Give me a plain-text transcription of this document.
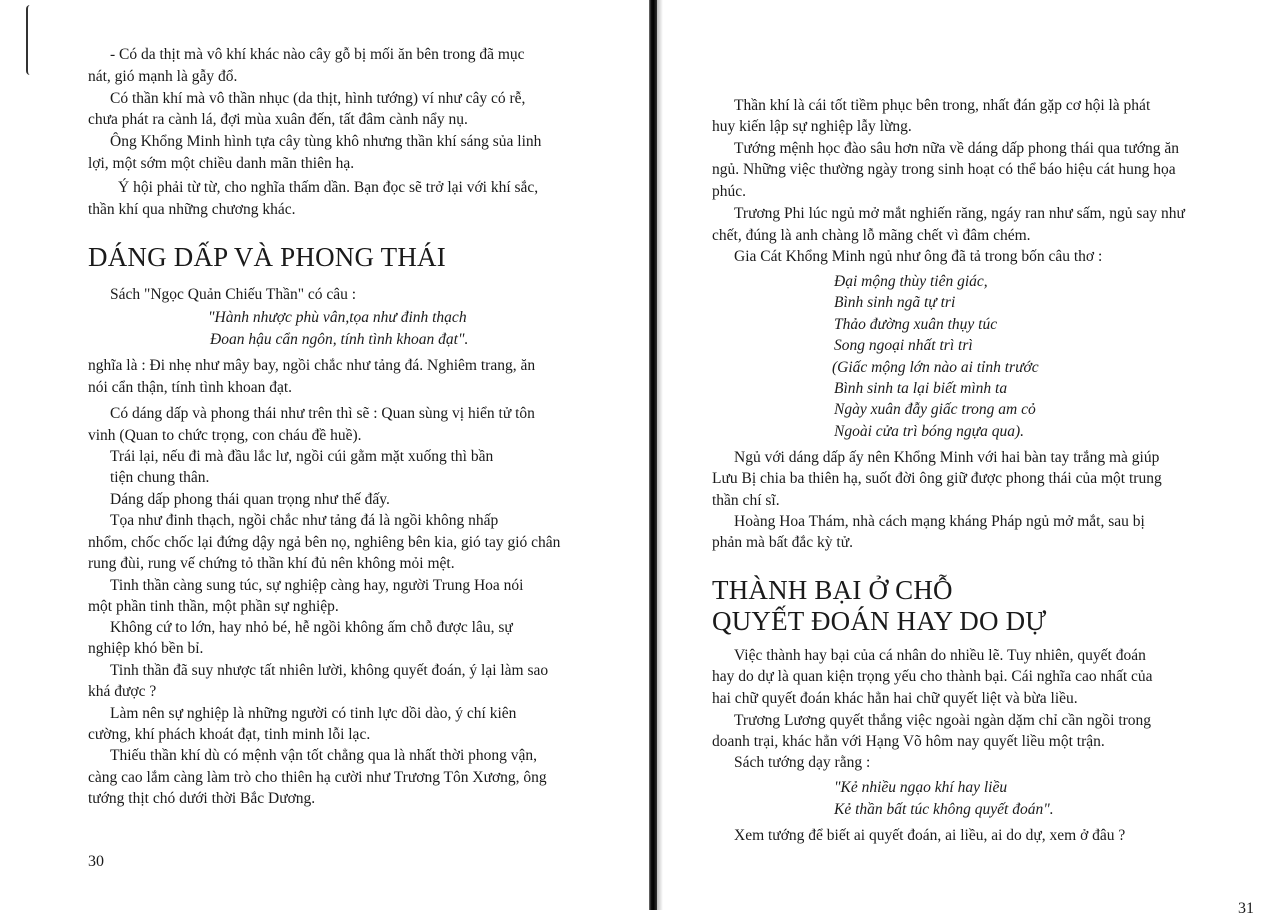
- Có da thịt mà vô khí khác nào cây gỗ bị mối ăn bên trong đã mục
nát, gió mạnh là gẫy đổ.
Có thần khí mà vô thần nhục (da thịt, hình tướng) ví như cây có rễ,
chưa phát ra cành lá, đợi mùa xuân đến, tất đâm cành nẩy nụ.
Ông Khổng Minh hình tựa cây tùng khô nhưng thần khí sáng sủa linh
lợi, một sớm một chiều danh mãn thiên hạ.
Ý hội phải từ từ, cho nghĩa thấm dần. Bạn đọc sẽ trở lại với khí sắc,
thần khí qua những chương khác.
DÁNG DẤP VÀ PHONG THÁI
Sách "Ngọc Quản Chiếu Thần" có câu :
"Hành nhược phù vân,tọa như đinh thạch
Đoan hậu cẩn ngôn, tính tình khoan đạt".
nghĩa là : Đi nhẹ như mây bay, ngồi chắc như tảng đá. Nghiêm trang, ăn
nói cẩn thận, tính tình khoan đạt.
Có dáng dấp và phong thái như trên thì sẽ : Quan sùng vị hiển tử tôn
vinh (Quan to chức trọng, con cháu đề huề).
Trái lại, nếu đi mà đầu lắc lư, ngồi cúi gằm mặt xuống thì bần
tiện chung thân.
Dáng dấp phong thái quan trọng như thế đấy.
Tọa như đinh thạch, ngồi chắc như tảng đá là ngồi không nhấp
nhổm, chốc chốc lại đứng dậy ngả bên nọ, nghiêng bên kia, gió tay gió chân
rung đùi, rung vế chứng tỏ thần khí đủ nên không mỏi mệt.
Tinh thần càng sung túc, sự nghiệp càng hay, người Trung Hoa nói
một phần tinh thần, một phần sự nghiệp.
Không cứ to lớn, hay nhỏ bé, hễ ngồi không ấm chỗ được lâu, sự
nghiệp khó bền bỉ.
Tinh thần đã suy nhược tất nhiên lười, không quyết đoán, ý lại làm sao
khá được ?
Làm nên sự nghiệp là những người có tinh lực dồi dào, ý chí kiên
cường, khí phách khoát đạt, tinh minh lỗi lạc.
Thiếu thần khí dù có mệnh vận tốt chẳng qua là nhất thời phong vận,
càng cao lắm càng làm trò cho thiên hạ cười như Trương Tôn Xương, ông
tướng thịt chó dưới thời Bắc Dương.
30
Thần khí là cái tốt tiềm phục bên trong, nhất đán gặp cơ hội là phát
huy kiến lập sự nghiệp lẫy lừng.
Tướng mệnh học đào sâu hơn nữa về dáng dấp phong thái qua tướng ăn
ngủ. Những việc thường ngày trong sinh hoạt có thể báo hiệu cát hung họa
phúc.
Trương Phi lúc ngủ mở mắt nghiến răng, ngáy ran như sấm, ngủ say như
chết, đúng là anh chàng lỗ mãng chết vì đâm chém.
Gia Cát Khổng Minh ngủ như ông đã tả trong bốn câu thơ :
Đại mộng thùy tiên giác,
Bình sinh ngã tự tri
Thảo đường xuân thụy túc
Song ngoại nhất trì trì
(Giấc mộng lớn nào ai tỉnh trước
Bình sinh ta lại biết mình ta
Ngày xuân đẫy giấc trong am cỏ
Ngoài cửa trì bóng ngựa qua).
Ngủ với dáng dấp ấy nên Khổng Minh với hai bàn tay trắng mà giúp
Lưu Bị chia ba thiên hạ, suốt đời ông giữ được phong thái của một trung
thần chí sĩ.
Hoàng Hoa Thám, nhà cách mạng kháng Pháp ngủ mở mắt, sau bị
phản mà bất đắc kỳ tử.
THÀNH BẠI Ở CHỖ
QUYẾT ĐOÁN HAY DO DỰ
Việc thành hay bại của cá nhân do nhiều lẽ. Tuy nhiên, quyết đoán
hay do dự là quan kiện trọng yếu cho thành bại. Cái nghĩa cao nhất của
hai chữ quyết đoán khác hẳn hai chữ quyết liệt và bừa liều.
Trương Lương quyết thắng việc ngoài ngàn dặm chỉ cần ngồi trong
doanh trại, khác hẳn với Hạng Võ hôm nay quyết liều một trận.
Sách tướng dạy rằng :
"Kẻ nhiều ngạo khí hay liều
Kẻ thần bất túc không quyết đoán".
Xem tướng để biết ai quyết đoán, ai liều, ai do dự, xem ở đâu ?
31
